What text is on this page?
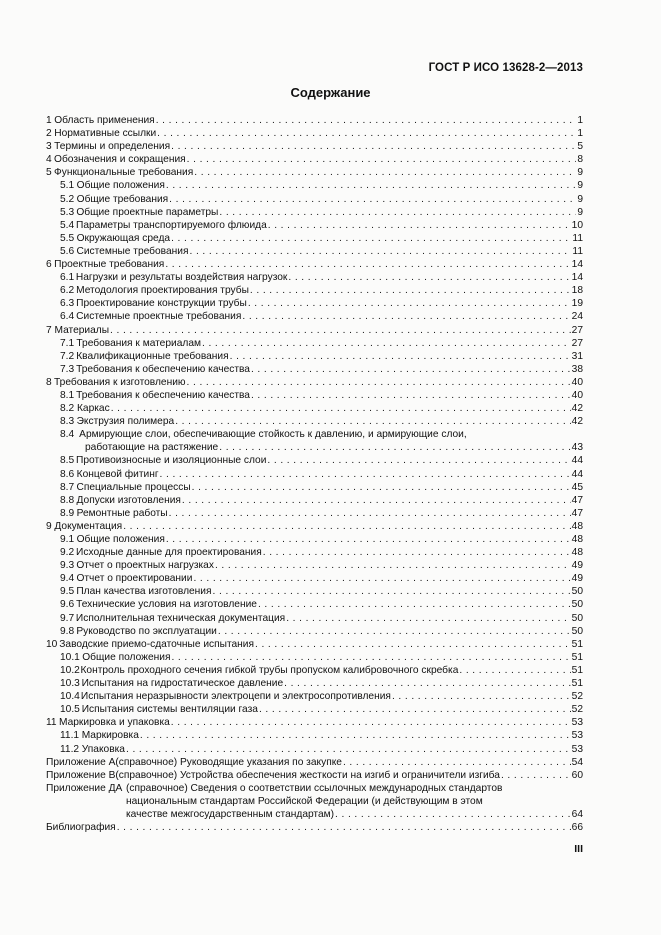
ГОСТ Р ИСО 13628-2—2013
Содержание
1 Область применения . . .	1
2 Нормативные ссылки . . .	1
3 Термины и определения . . .	5
4 Обозначения и сокращения . . .	8
5 Функциональные требования . . .	9
5.1 Общие положения . . .	9
5.2 Общие требования . . .	9
5.3 Общие проектные параметры . . .	9
5.4 Параметры транспортируемого флюида . . .	10
5.5 Окружающая среда . . .	11
5.6 Системные требования . . .	11
6 Проектные требования . . .	14
6.1 Нагрузки и результаты воздействия нагрузок . . .	14
6.2 Методология проектирования трубы . . .	18
6.3 Проектирование конструкции трубы . . .	19
6.4 Системные проектные требования . . .	24
7 Материалы . . .	27
7.1 Требования к материалам . . .	27
7.2 Квалификационные требования . . .	31
7.3 Требования к обеспечению качества . . .	38
8 Требования к изготовлению . . .	40
8.1 Требования к обеспечению качества . . .	40
8.2 Каркас . . .	42
8.3 Экструзия полимера . . .	42
8.4 Армирующие слои, обеспечивающие стойкость к давлению, и армирующие слои,
работающие на растяжение . . .	43
8.5 Противоизносные и изоляционные слои . . .	44
8.6 Концевой фитинг . . .	44
8.7 Специальные процессы . . .	45
8.8 Допуски изготовления . . .	47
8.9 Ремонтные работы . . .	47
9 Документация . . .	48
9.1 Общие положения . . .	48
9.2 Исходные данные для проектирования . . .	48
9.3 Отчет о проектных нагрузках . . .	49
9.4 Отчет о проектировании . . .	49
9.5 План качества изготовления . . .	50
9.6 Технические условия на изготовление . . .	50
9.7 Исполнительная техническая документация . . .	50
9.8 Руководство по эксплуатации . . .	50
10 Заводские приемо-сдаточные испытания . . .	51
10.1 Общие положения . . .	51
10.2 Контроль проходного сечения гибкой трубы пропуском калибровочного скребка . . .	51
10.3 Испытания на гидростатическое давление . . .	51
10.4 Испытания неразрывности электроцепи и электросопротивления . . .	52
10.5 Испытания системы вентиляции газа . . .	52
11 Маркировка и упаковка . . .	53
11.1 Маркировка . . .	53
11.2 Упаковка . . .	53
Приложение А (справочное) Руководящие указания по закупке . . .	54
Приложение В (справочное) Устройства обеспечения жесткости на изгиб и ограничители изгиба . . .	60
Приложение ДА (справочное) Сведения о соответствии ссылочных международных стандартов
национальным стандартам Российской Федерации (и действующим в этом
качестве межгосударственным стандартам) . . .	64
Библиография . . .	66
III
